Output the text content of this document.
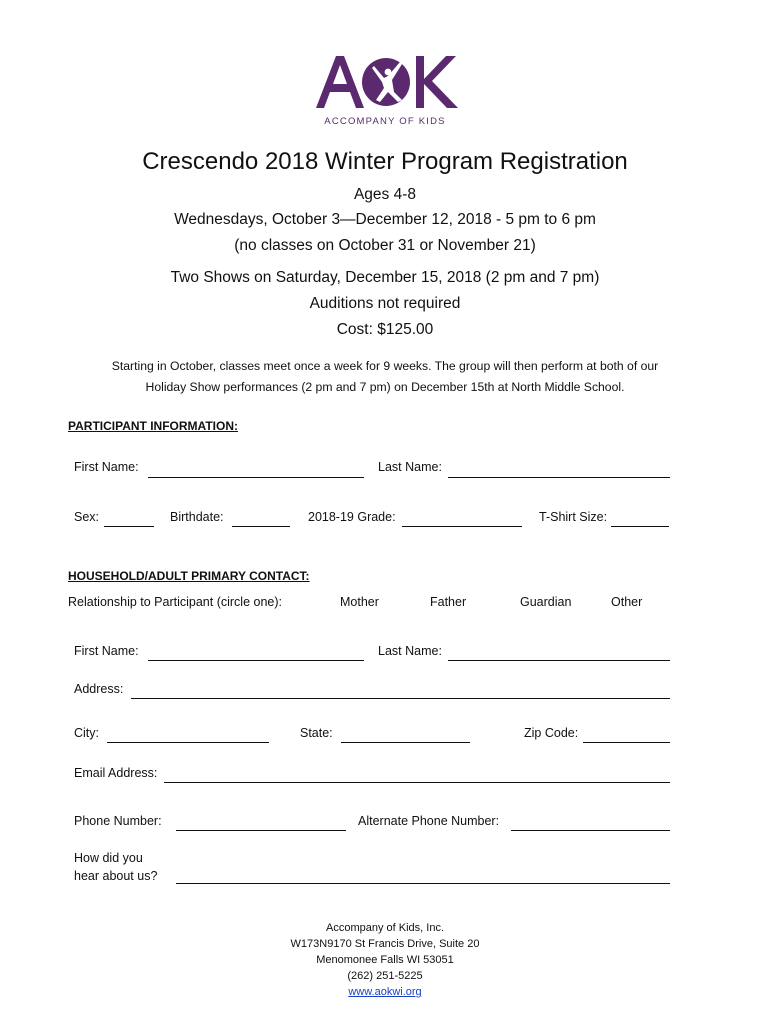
ACCOMPANY OF KIDS
Crescendo 2018 Winter Program Registration
Ages 4-8
Wednesdays, October 3—December 12, 2018 - 5 pm to 6 pm
(no classes on October 31 or November 21)
Two Shows on Saturday, December 15, 2018 (2 pm and 7 pm)
Auditions not required
Cost: $125.00
Starting in October, classes meet once a week for 9 weeks. The group will then perform at both of our
Holiday Show performances (2 pm and 7 pm) on December 15th at North Middle School.
PARTICIPANT INFORMATION:
First Name:	Last Name:
Sex:	Birthdate:	2018-19 Grade:	T-Shirt Size:
HOUSEHOLD/ADULT PRIMARY CONTACT:
Relationship to Participant (circle one):	Mother	Father	Guardian	Other
First Name:	Last Name:
Address:
City:	State:	Zip Code:
Email Address:
Phone Number:	Alternate Phone Number:
How did you
hear about us?
Accompany of Kids, Inc.
W173N9170 St Francis Drive, Suite 20
Menomonee Falls WI 53051
(262) 251-5225
www.aokwi.org
